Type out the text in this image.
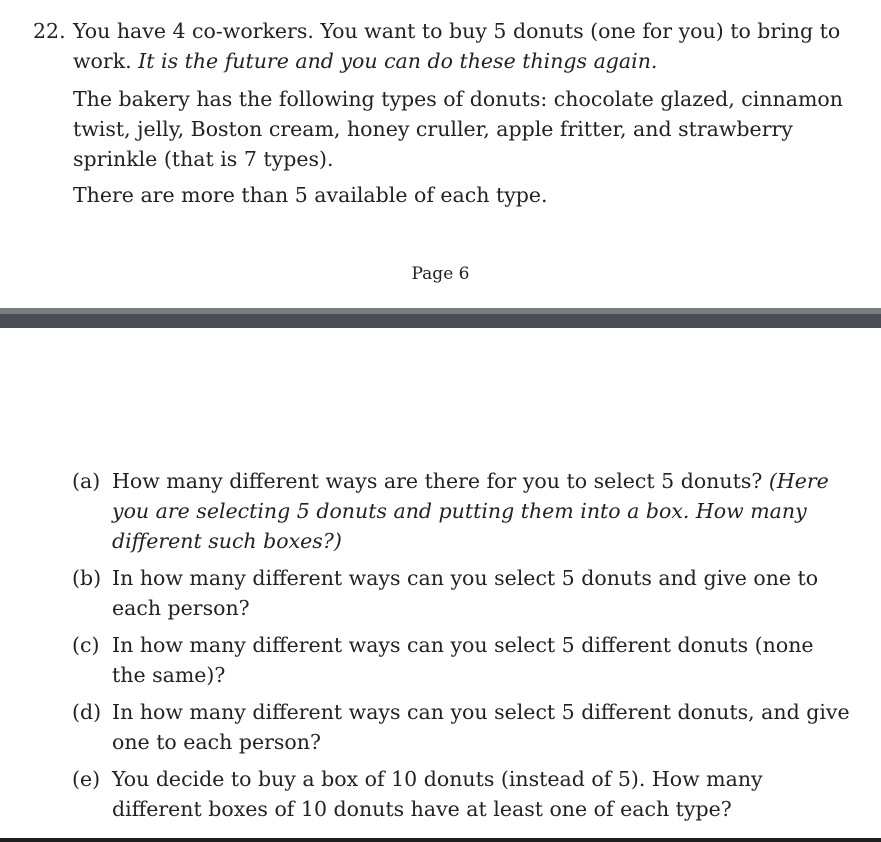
22. You have 4 co-workers. You want to buy 5 donuts (one for you) to bring to work. It is the future and you can do these things again.

The bakery has the following types of donuts: chocolate glazed, cinnamon twist, jelly, Boston cream, honey cruller, apple fritter, and strawberry sprinkle (that is 7 types).

There are more than 5 available of each type.

Page 6
(a) How many different ways are there for you to select 5 donuts? (Here you are selecting 5 donuts and putting them into a box. How many different such boxes?)
(b) In how many different ways can you select 5 donuts and give one to each person?
(c) In how many different ways can you select 5 different donuts (none the same)?
(d) In how many different ways can you select 5 different donuts, and give one to each person?
(e) You decide to buy a box of 10 donuts (instead of 5). How many different boxes of 10 donuts have at least one of each type?
